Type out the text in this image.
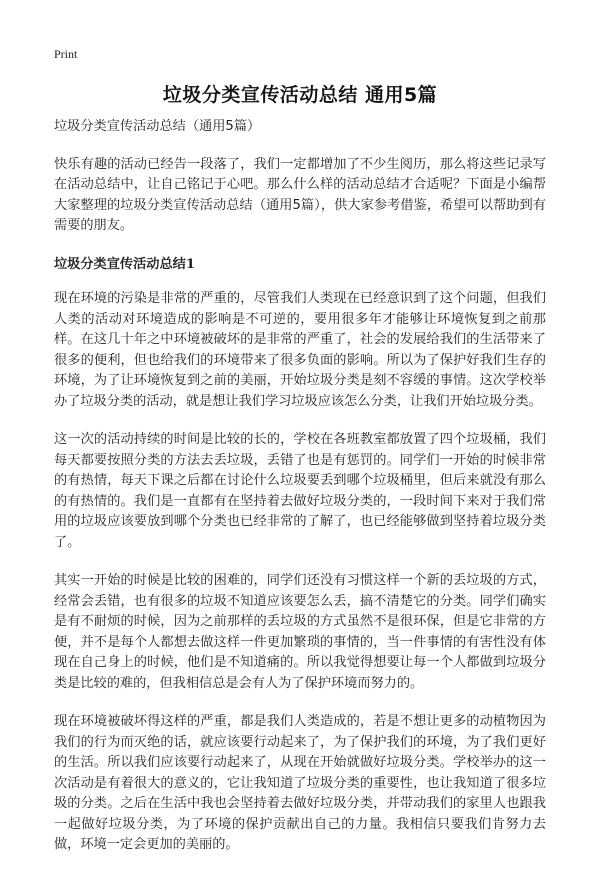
Print
垃圾分类宣传活动总结 通用5篇

垃圾分类宣传活动总结（通用5篇）

快乐有趣的活动已经告一段落了，我们一定都增加了不少生阅历，那么将这些记录写在活动总结中，让自己铭记于心吧。那么什么样的活动总结才合适呢？下面是小编帮大家整理的垃圾分类宣传活动总结（通用5篇），供大家参考借鉴，希望可以帮助到有需要的朋友。

垃圾分类宣传活动总结1

现在环境的污染是非常的严重的，尽管我们人类现在已经意识到了这个问题，但我们人类的活动对环境造成的影响是不可逆的，要用很多年才能够让环境恢复到之前那样。在这几十年之中环境被破坏的是非常的严重了，社会的发展给我们的生活带来了很多的便利，但也给我们的环境带来了很多负面的影响。所以为了保护好我们生存的环境，为了让环境恢复到之前的美丽，开始垃圾分类是刻不容缓的事情。这次学校举办了垃圾分类的活动，就是想让我们学习垃圾应该怎么分类，让我们开始垃圾分类。

这一次的活动持续的时间是比较的长的，学校在各班教室都放置了四个垃圾桶，我们每天都要按照分类的方法去丢垃圾，丢错了也是有惩罚的。同学们一开始的时候非常的有热情，每天下课之后都在讨论什么垃圾要丢到哪个垃圾桶里，但后来就没有那么的有热情的。我们是一直都有在坚持着去做好垃圾分类的，一段时间下来对于我们常用的垃圾应该要放到哪个分类也已经非常的了解了，也已经能够做到坚持着垃圾分类了。

其实一开始的时候是比较的困难的，同学们还没有习惯这样一个新的丢垃圾的方式，经常会丢错，也有很多的垃圾不知道应该要怎么丢，搞不清楚它的分类。同学们确实是有不耐烦的时候，因为之前那样的丢垃圾的方式虽然不是很环保，但是它非常的方便，并不是每个人都想去做这样一件更加繁琐的事情的，当一件事情的有害性没有体现在自己身上的时候，他们是不知道痛的。所以我觉得想要让每一个人都做到垃圾分类是比较的难的，但我相信总是会有人为了保护环境而努力的。

现在环境被破坏得这样的严重，都是我们人类造成的，若是不想让更多的动植物因为我们的行为而灭绝的话，就应该要行动起来了，为了保护我们的环境，为了我们更好的生活。所以我们应该要行动起来了，从现在开始就做好垃圾分类。学校举办的这一次活动是有着很大的意义的，它让我知道了垃圾分类的重要性，也让我知道了很多垃圾的分类。之后在生活中我也会坚持着去做好垃圾分类，并带动我们的家里人也跟我一起做好垃圾分类，为了环境的保护贡献出自己的力量。我相信只要我们肯努力去做，环境一定会更加的美丽的。
